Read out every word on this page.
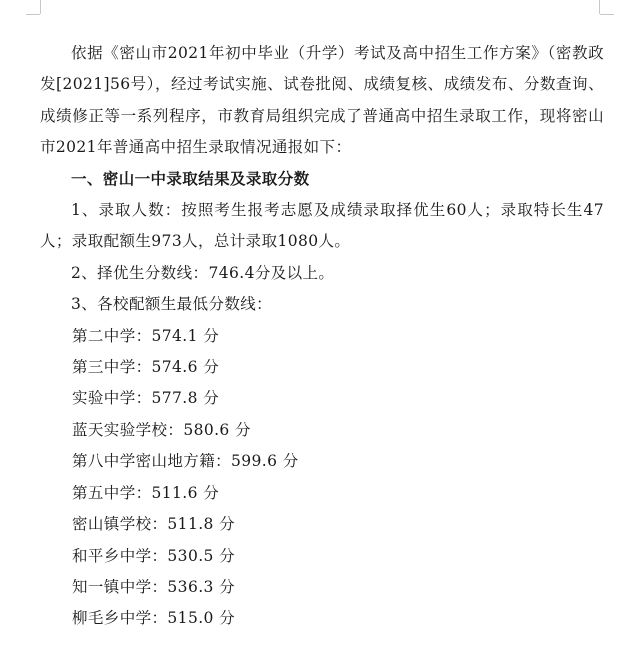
依据《密山市2021年初中毕业（升学）考试及高中招生工作方案》（密教政发[2021]56号），经过考试实施、试卷批阅、成绩复核、成绩发布、分数查询、成绩修正等一系列程序，市教育局组织完成了普通高中招生录取工作，现将密山市2021年普通高中招生录取情况通报如下：

一、密山一中录取结果及录取分数

1、录取人数：按照考生报考志愿及成绩录取择优生60人；录取特长生47人；录取配额生973人，总计录取1080人。

2、择优生分数线：746.4分及以上。

3、各校配额生最低分数线：

第二中学：574.1 分

第三中学：574.6 分

实验中学：577.8 分

蓝天实验学校：580.6 分

第八中学密山地方籍：599.6 分

第五中学：511.6 分

密山镇学校：511.8 分

和平乡中学：530.5 分

知一镇中学：536.3 分

柳毛乡中学：515.0 分
